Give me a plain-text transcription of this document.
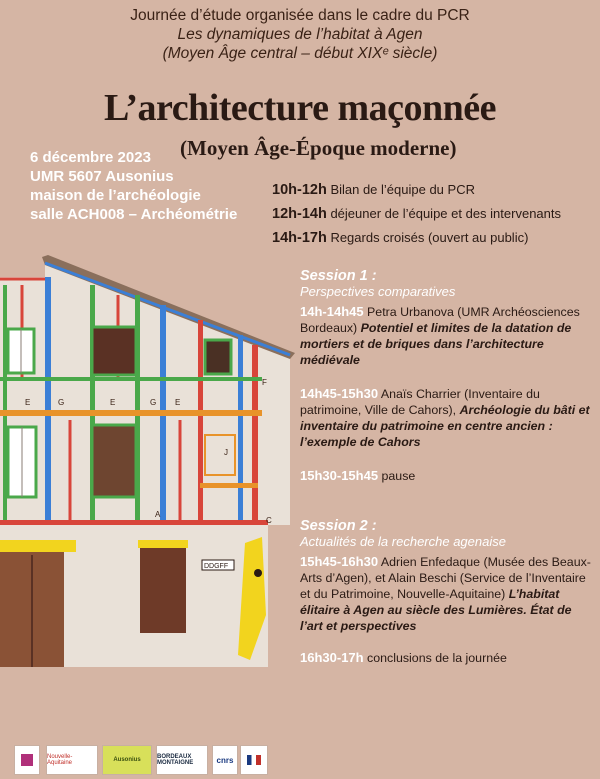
Journée d’étude organisée dans le cadre du PCR
Les dynamiques de l’habitat à Agen
(Moyen Âge central – début XIXᵉ siècle)
L’architecture maçonnée
(Moyen Âge-Époque moderne)
6 décembre 2023
UMR 5607 Ausonius
maison de l’archéologie
salle ACH008 – Archéométrie
10h-12h Bilan de l’équipe du PCR
12h-14h déjeuner de l’équipe et des intervenants
14h-17h Regards croisés (ouvert au public)
DDGFF
E	G	E	G E
F
C
A
J
Session 1 :
Perspectives comparatives
14h-14h45 Petra Urbanova (UMR Archéosciences Bordeaux) Potentiel et limites de la datation de mortiers et de briques dans l’architecture médiévale
14h45-15h30 Anaïs Charrier (Inventaire du patrimoine, Ville de Cahors), Archéologie du bâti et inventaire du patrimoine en centre ancien : l’exemple de Cahors
15h30-15h45 pause
Session 2 :
Actualités de la recherche agenaise
15h45-16h30 Adrien Enfedaque (Musée des Beaux-Arts d’Agen), et Alain Beschi (Service de l’Inventaire et du Patrimoine, Nouvelle-Aquitaine) L’habitat élitaire à Agen au siècle des Lumières. État de l’art et perspectives
16h30-17h conclusions de la journée
Nouvelle-Aquitaine	Ausonius	BORDEAUX MONTAIGNE	cnrs
